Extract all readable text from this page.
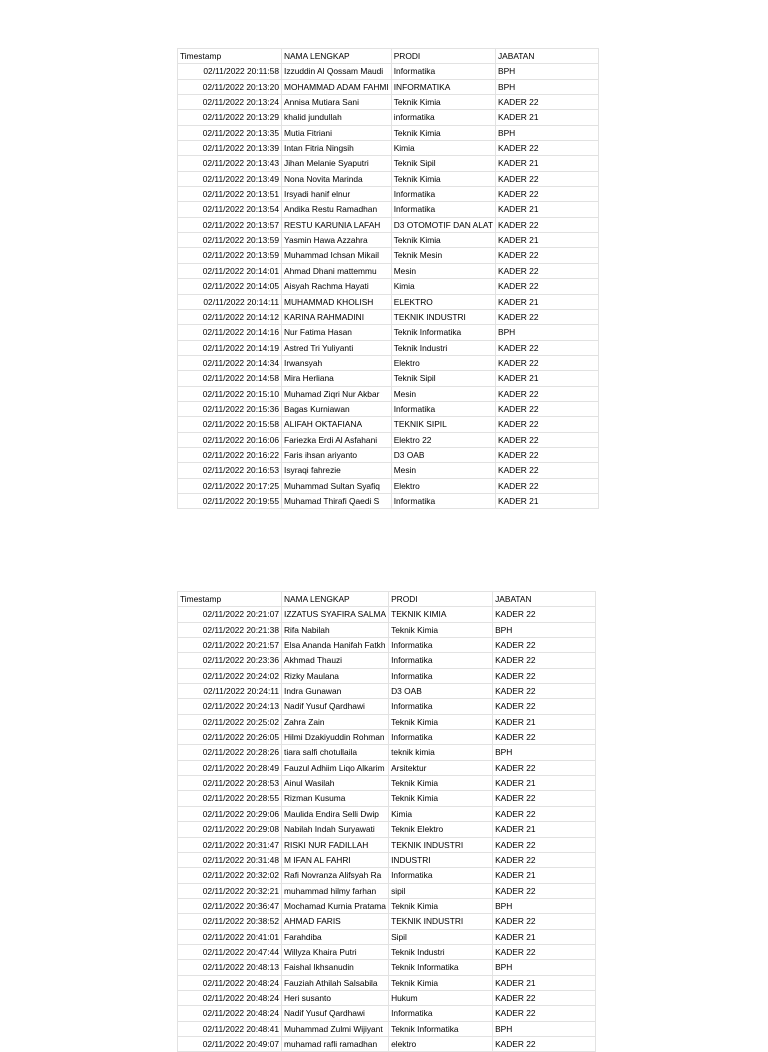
Timestamp	NAMA LENGKAP	PRODI	JABATAN
02/11/2022 20:11:58	Izzuddin Al Qossam Maudi	Informatika	BPH
02/11/2022 20:13:20	MOHAMMAD ADAM FAHMI	INFORMATIKA	BPH
02/11/2022 20:13:24	Annisa Mutiara Sani	Teknik Kimia	KADER 22
02/11/2022 20:13:29	khalid jundullah	informatika	KADER 21
02/11/2022 20:13:35	Mutia Fitriani	Teknik Kimia	BPH
02/11/2022 20:13:39	Intan Fitria Ningsih	Kimia	KADER 22
02/11/2022 20:13:43	Jihan Melanie Syaputri	Teknik Sipil	KADER 21
02/11/2022 20:13:49	Nona Novita Marinda	Teknik Kimia	KADER 22
02/11/2022 20:13:51	Irsyadi hanif elnur	Informatika	KADER 22
02/11/2022 20:13:54	Andika Restu Ramadhan	Informatika	KADER 21
02/11/2022 20:13:57	RESTU KARUNIA LAFAH	D3 OTOMOTIF DAN ALAT	KADER 22
02/11/2022 20:13:59	Yasmin Hawa Azzahra	Teknik Kimia	KADER 21
02/11/2022 20:13:59	Muhammad Ichsan Mikail	Teknik Mesin	KADER 22
02/11/2022 20:14:01	Ahmad Dhani mattemmu	Mesin	KADER 22
02/11/2022 20:14:05	Aisyah Rachma Hayati	Kimia	KADER 22
02/11/2022 20:14:11	MUHAMMAD KHOLISH	ELEKTRO	KADER 21
02/11/2022 20:14:12	KARINA RAHMADINI	TEKNIK INDUSTRI	KADER 22
02/11/2022 20:14:16	Nur Fatima Hasan	Teknik Informatika	BPH
02/11/2022 20:14:19	Astred Tri Yuliyanti	Teknik Industri	KADER 22
02/11/2022 20:14:34	Irwansyah	Elektro	KADER 22
02/11/2022 20:14:58	Mira Herliana	Teknik Sipil	KADER 21
02/11/2022 20:15:10	Muhamad Ziqri Nur Akbar	Mesin	KADER 22
02/11/2022 20:15:36	Bagas Kurniawan	Informatika	KADER 22
02/11/2022 20:15:58	ALIFAH OKTAFIANA	TEKNIK SIPIL	KADER 22
02/11/2022 20:16:06	Fariezka Erdi Al Asfahani	Elektro 22	KADER 22
02/11/2022 20:16:22	Faris ihsan ariyanto	D3 OAB	KADER 22
02/11/2022 20:16:53	Isyraqi fahrezie	Mesin	KADER 22
02/11/2022 20:17:25	Muhammad Sultan Syafiq	Elektro	KADER 22
02/11/2022 20:19:55	Muhamad Thirafi Qaedi S	Informatika	KADER 21
Timestamp	NAMA LENGKAP	PRODI	JABATAN
02/11/2022 20:21:07	IZZATUS SYAFIRA SALMA	TEKNIK KIMIA	KADER 22
02/11/2022 20:21:38	Rifa Nabilah	Teknik Kimia	BPH
02/11/2022 20:21:57	Elsa Ananda Hanifah Fatkh	Informatika	KADER 22
02/11/2022 20:23:36	Akhmad Thauzi	Informatika	KADER 22
02/11/2022 20:24:02	Rizky Maulana	Informatika	KADER 22
02/11/2022 20:24:11	Indra Gunawan	D3 OAB	KADER 22
02/11/2022 20:24:13	Nadif Yusuf Qardhawi	Informatika	KADER 22
02/11/2022 20:25:02	Zahra Zain	Teknik Kimia	KADER 21
02/11/2022 20:26:05	Hilmi Dzakiyuddin Rohman	Informatika	KADER 22
02/11/2022 20:28:26	tiara salfi chotullaila	teknik kimia	BPH
02/11/2022 20:28:49	Fauzul Adhiim Liqo Alkarim	Arsitektur	KADER 22
02/11/2022 20:28:53	Ainul Wasilah	Teknik Kimia	KADER 21
02/11/2022 20:28:55	Rizman Kusuma	Teknik Kimia	KADER 22
02/11/2022 20:29:06	Maulida Endira Selli Dwip	Kimia	KADER 22
02/11/2022 20:29:08	Nabilah Indah Suryawati	Teknik Elektro	KADER 21
02/11/2022 20:31:47	RISKI NUR FADILLAH	TEKNIK INDUSTRI	KADER 22
02/11/2022 20:31:48	M IFAN AL FAHRI	INDUSTRI	KADER 22
02/11/2022 20:32:02	Rafi Novranza Alifsyah Ra	Informatika	KADER 21
02/11/2022 20:32:21	muhammad hilmy farhan	sipil	KADER 22
02/11/2022 20:36:47	Mochamad Kurnia Pratama	Teknik Kimia	BPH
02/11/2022 20:38:52	AHMAD FARIS	TEKNIK INDUSTRI	KADER 22
02/11/2022 20:41:01	Farahdiba	Sipil	KADER 21
02/11/2022 20:47:44	Willyza Khaira Putri	Teknik Industri	KADER 22
02/11/2022 20:48:13	Faishal Ikhsanudin	Teknik Informatika	BPH
02/11/2022 20:48:24	Fauziah Athilah Salsabila	Teknik Kimia	KADER 21
02/11/2022 20:48:24	Heri susanto	Hukum	KADER 22
02/11/2022 20:48:24	Nadif Yusuf Qardhawi	Informatika	KADER 22
02/11/2022 20:48:41	Muhammad Zulmi Wijiyant	Teknik Informatika	BPH
02/11/2022 20:49:07	muhamad rafli ramadhan	elektro	KADER 22
